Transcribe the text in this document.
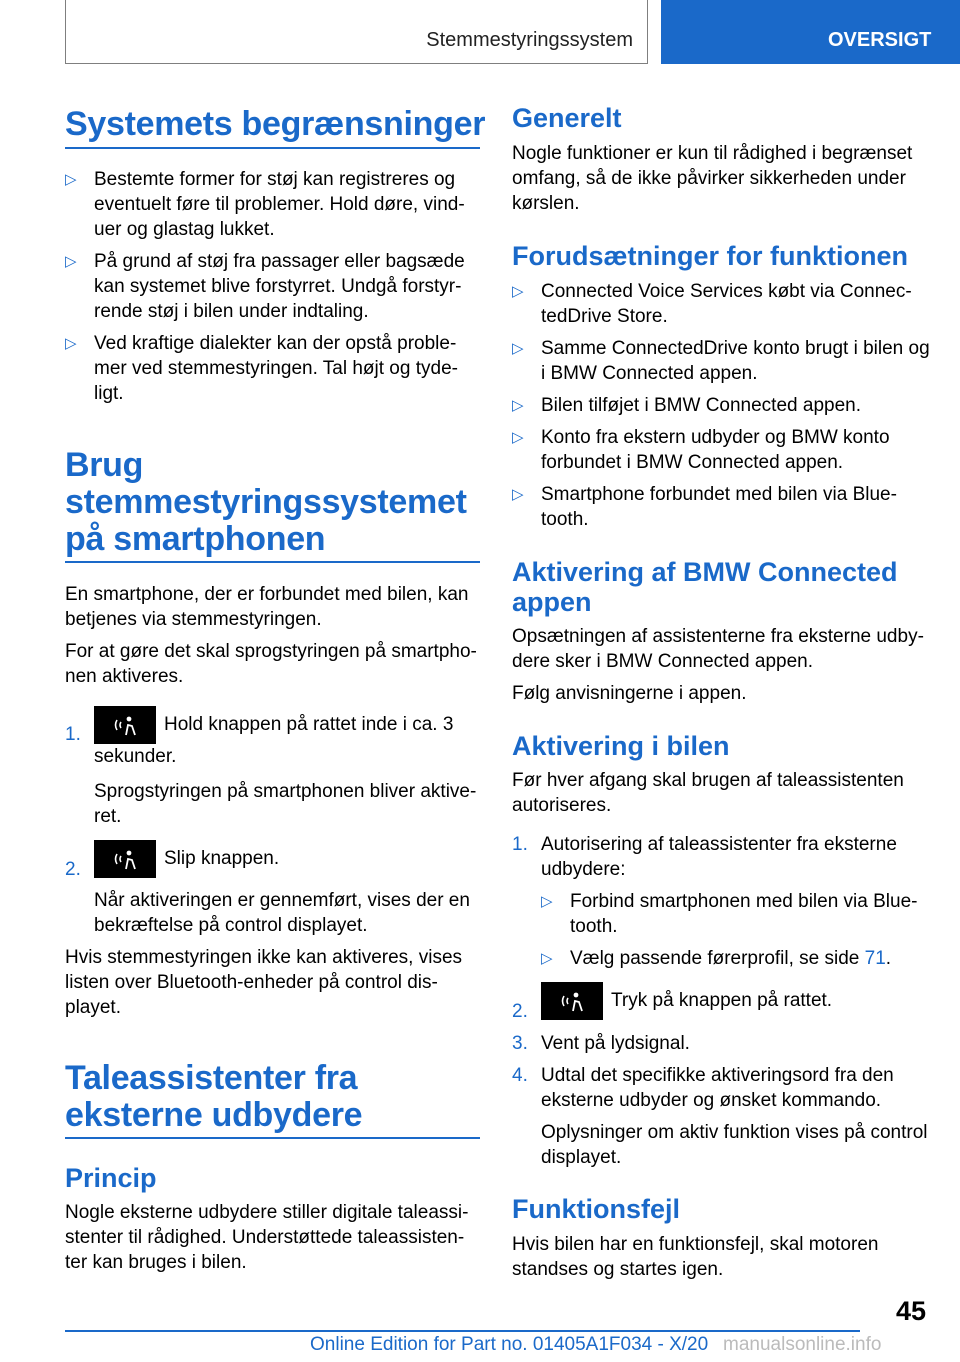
Stemmestyringssystem	OVERSIGT
Systemets begrænsninger
▷ Bestemte former for støj kan registreres og eventuelt føre til problemer. Hold døre, vinduer og glastag lukket.
▷ På grund af støj fra passager eller bagsæde kan systemet blive forstyrret. Undgå forstyrrende støj i bilen under indtaling.
▷ Ved kraftige dialekter kan der opstå problemer ved stemmestyringen. Tal højt og tydeligt.
Brug stemmestyringssystemet på smartphonen

En smartphone, der er forbundet med bilen, kan betjenes via stemmestyringen.

For at gøre det skal sprogstyringen på smartphonen aktiveres.

1.	Hold knappen på rattet inde i ca. 3 sekunder.

Sprogstyringen på smartphonen bliver aktiveret.

2.
Slip knappen.

Når aktiveringen er gennemført, vises der en bekræftelse på control displayet.

Hvis stemmestyringen ikke kan aktiveres, vises listen over Bluetooth-enheder på control displayet.

Taleassistenter fra eksterne udbydere
Princip

Nogle eksterne udbydere stiller digitale taleassistenter til rådighed. Understøttede taleassistenter kan bruges i bilen.

Generelt

Nogle funktioner er kun til rådighed i begrænset omfang, så de ikke påvirker sikkerheden under kørslen.

Forudsætninger for funktionen
▷ Connected Voice Services købt via ConnectedDrive Store.
▷ Samme ConnectedDrive konto brugt i bilen og i BMW Connected appen.
▷ Bilen tilføjet i BMW Connected appen.
▷ Konto fra ekstern udbyder og BMW konto forbundet i BMW Connected appen.
▷ Smartphone forbundet med bilen via Bluetooth.
Aktivering af BMW Connected appen

Opsætningen af assistenterne fra eksterne udbydere sker i BMW Connected appen.

Følg anvisningerne i appen.

Aktivering i bilen

Før hver afgang skal brugen af taleassistenten autoriseres.

1. Autorisering af taleassistenter fra eksterne udbydere:

▷ Forbind smartphonen med bilen via Bluetooth.
▷ Vælg passende førerprofil, se side 71.
2.
Tryk på knappen på rattet.
3. Vent på lydsignal.

4. Udtal det specifikke aktiveringsord fra den eksterne udbyder og ønsket kommando.

Oplysninger om aktiv funktion vises på control displayet.

Funktionsfejl

Hvis bilen har en funktionsfejl, skal motoren standses og startes igen.

45
Online Edition for Part no. 01405A1F034 - X/20 manualsonline.info
